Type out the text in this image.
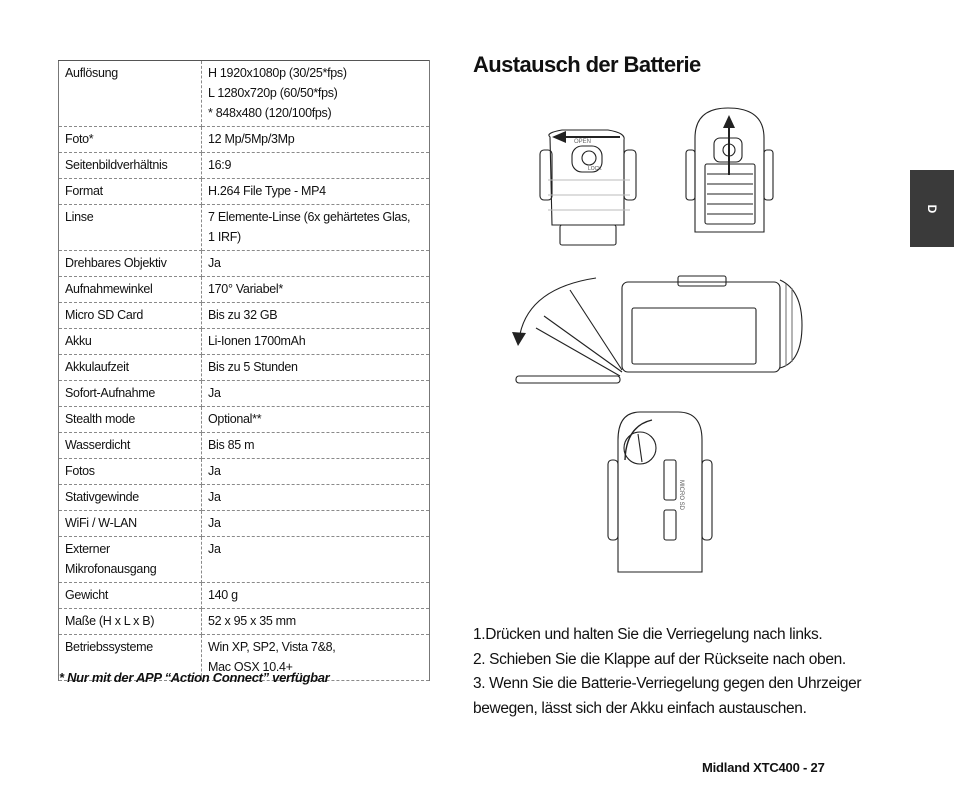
Auflösung	H 1920x1080p (30/25*fps)
L 1280x720p (60/50*fps)
* 848x480 (120/100fps)
Foto*	12 Mp/5Mp/3Mp
Seitenbildverhältnis	16:9
Format	H.264 File Type - MP4
Linse	7 Elemente-Linse (6x gehärtetes Glas,
1 IRF)
Drehbares Objektiv	Ja
Aufnahmewinkel	170° Variabel*
Micro SD Card	Bis zu 32 GB
Akku	Li-Ionen 1700mAh
Akkulaufzeit	Bis zu 5 Stunden
Sofort-Aufnahme	Ja
Stealth mode	Optional**
Wasserdicht	Bis 85 m
Fotos	Ja
Stativgewinde	Ja
WiFi / W-LAN	Ja
Externer
Mikrofonausgang	Ja
Gewicht	140 g
Maße (H x L x B)	52 x 95 x 35 mm
Betriebssysteme	Win XP, SP2, Vista 7&8,
Mac OSX 10.4+
* Nur mit der APP “Action Connect” verfügbar
Austausch der Batterie
OPEN
LOCK
MICRO SD

1.Drücken und halten Sie die Verriegelung nach links.

2. Schieben Sie die Klappe auf der Rückseite nach oben.

3. Wenn Sie die Batterie-Verriegelung gegen den Uhrzeiger bewegen, lässt sich der Akku einfach austauschen.

D
Midland XTC400 - 27
